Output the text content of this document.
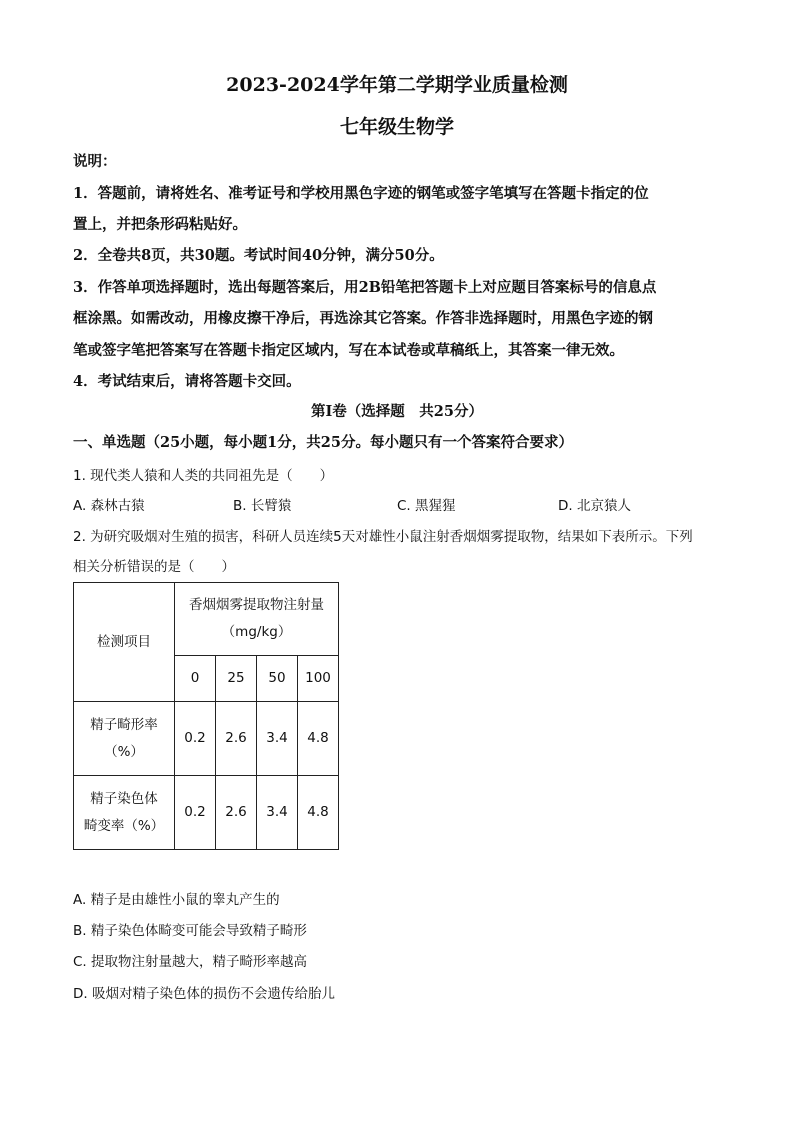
2023-2024学年第二学期学业质量检测
七年级生物学
说明：
1．答题前，请将姓名、准考证号和学校用黑色字迹的钢笔或签字笔填写在答题卡指定的位
置上，并把条形码粘贴好。
2．全卷共8页，共30题。考试时间40分钟，满分50分。
3．作答单项选择题时，选出每题答案后，用2B铅笔把答题卡上对应题目答案标号的信息点
框涂黑。如需改动，用橡皮擦干净后，再选涂其它答案。作答非选择题时，用黑色字迹的钢
笔或签字笔把答案写在答题卡指定区域内，写在本试卷或草稿纸上，其答案一律无效。
4．考试结束后，请将答题卡交回。
第Ⅰ卷（选择题　共25分）
一、单选题（25小题，每小题1分，共25分。每小题只有一个答案符合要求）
1. 现代类人猿和人类的共同祖先是（　　）
A. 森林古猿	B. 长臂猿	C. 黑猩猩	D. 北京猿人
2. 为研究吸烟对生殖的损害，科研人员连续5天对雄性小鼠注射香烟烟雾提取物，结果如下表所示。下列
相关分析错误的是（　　）
检测项目	香烟烟雾提取物注射量
（mg/kg）			

	0	25	50	100

精子畸形率
（%）	0.2	2.6	3.4	4.8

精子染色体
畸变率（%）	0.2	2.6	3.4	4.8
A. 精子是由雄性小鼠的睾丸产生的
B. 精子染色体畸变可能会导致精子畸形
C. 提取物注射量越大，精子畸形率越高
D. 吸烟对精子染色体的损伤不会遗传给胎儿
